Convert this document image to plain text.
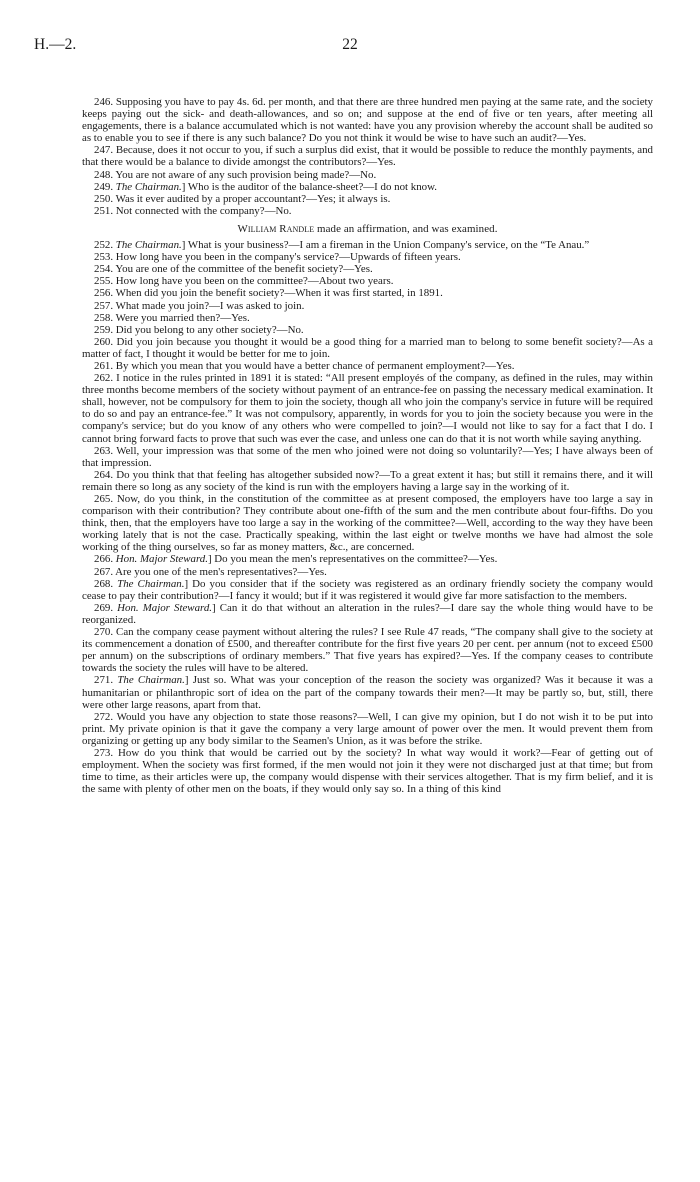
H.—2.	22

246. Supposing you have to pay 4s. 6d. per month, and that there are three hundred men paying at the same rate, and the society keeps paying out the sick- and death-allowances, and so on; and suppose at the end of five or ten years, after meeting all engagements, there is a balance accumulated which is not wanted: have you any provision whereby the account shall be audited so as to enable you to see if there is any such balance? Do you not think it would be wise to have such an audit?—Yes.

247. Because, does it not occur to you, if such a surplus did exist, that it would be possible to reduce the monthly payments, and that there would be a balance to divide amongst the contributors?—Yes.

248. You are not aware of any such provision being made?—No.

249. The Chairman.] Who is the auditor of the balance-sheet?—I do not know.

250. Was it ever audited by a proper accountant?—Yes; it always is.

251. Not connected with the company?—No.

William Randle made an affirmation, and was examined.

252. The Chairman.] What is your business?—I am a fireman in the Union Company's service, on the “Te Anau.”

253. How long have you been in the company's service?—Upwards of fifteen years.

254. You are one of the committee of the benefit society?—Yes.

255. How long have you been on the committee?—About two years.

256. When did you join the benefit society?—When it was first started, in 1891.

257. What made you join?—I was asked to join.

258. Were you married then?—Yes.

259. Did you belong to any other society?—No.

260. Did you join because you thought it would be a good thing for a married man to belong to some benefit society?—As a matter of fact, I thought it would be better for me to join.

261. By which you mean that you would have a better chance of permanent employment?—Yes.

262. I notice in the rules printed in 1891 it is stated: “All present employés of the company, as defined in the rules, may within three months become members of the society without payment of an entrance-fee on passing the necessary medical examination. It shall, however, not be compulsory for them to join the society, though all who join the company's service in future will be required to do so and pay an entrance-fee.” It was not compulsory, apparently, in words for you to join the society because you were in the company's service; but do you know of any others who were compelled to join?—I would not like to say for a fact that I do. I cannot bring forward facts to prove that such was ever the case, and unless one can do that it is not worth while saying anything.

263. Well, your impression was that some of the men who joined were not doing so voluntarily?—Yes; I have always been of that impression.

264. Do you think that that feeling has altogether subsided now?—To a great extent it has; but still it remains there, and it will remain there so long as any society of the kind is run with the employers having a large say in the working of it.

265. Now, do you think, in the constitution of the committee as at present composed, the employers have too large a say in comparison with their contribution? They contribute about one-fifth of the sum and the men contribute about four-fifths. Do you think, then, that the employers have too large a say in the working of the committee?—Well, according to the way they have been working lately that is not the case. Practically speaking, within the last eight or twelve months we have had almost the sole working of the thing ourselves, so far as money matters, &c., are concerned.

266. Hon. Major Steward.] Do you mean the men's representatives on the committee?—Yes.

267. Are you one of the men's representatives?—Yes.

268. The Chairman.] Do you consider that if the society was registered as an ordinary friendly society the company would cease to pay their contribution?—I fancy it would; but if it was registered it would give far more satisfaction to the members.

269. Hon. Major Steward.] Can it do that without an alteration in the rules?—I dare say the whole thing would have to be reorganized.

270. Can the company cease payment without altering the rules? I see Rule 47 reads, “The company shall give to the society at its commencement a donation of £500, and thereafter contribute for the first five years 20 per cent. per annum (not to exceed £500 per annum) on the subscriptions of ordinary members.” That five years has expired?—Yes. If the company ceases to contribute towards the society the rules will have to be altered.

271. The Chairman.] Just so. What was your conception of the reason the society was organized? Was it because it was a humanitarian or philanthropic sort of idea on the part of the company towards their men?—It may be partly so, but, still, there were other large reasons, apart from that.

272. Would you have any objection to state those reasons?—Well, I can give my opinion, but I do not wish it to be put into print. My private opinion is that it gave the company a very large amount of power over the men. It would prevent them from organizing or getting up any body similar to the Seamen's Union, as it was before the strike.

273. How do you think that would be carried out by the society? In what way would it work?—Fear of getting out of employment. When the society was first formed, if the men would not join it they were not discharged just at that time; but from time to time, as their articles were up, the company would dispense with their services altogether. That is my firm belief, and it is the same with plenty of other men on the boats, if they would only say so. In a thing of this kind
